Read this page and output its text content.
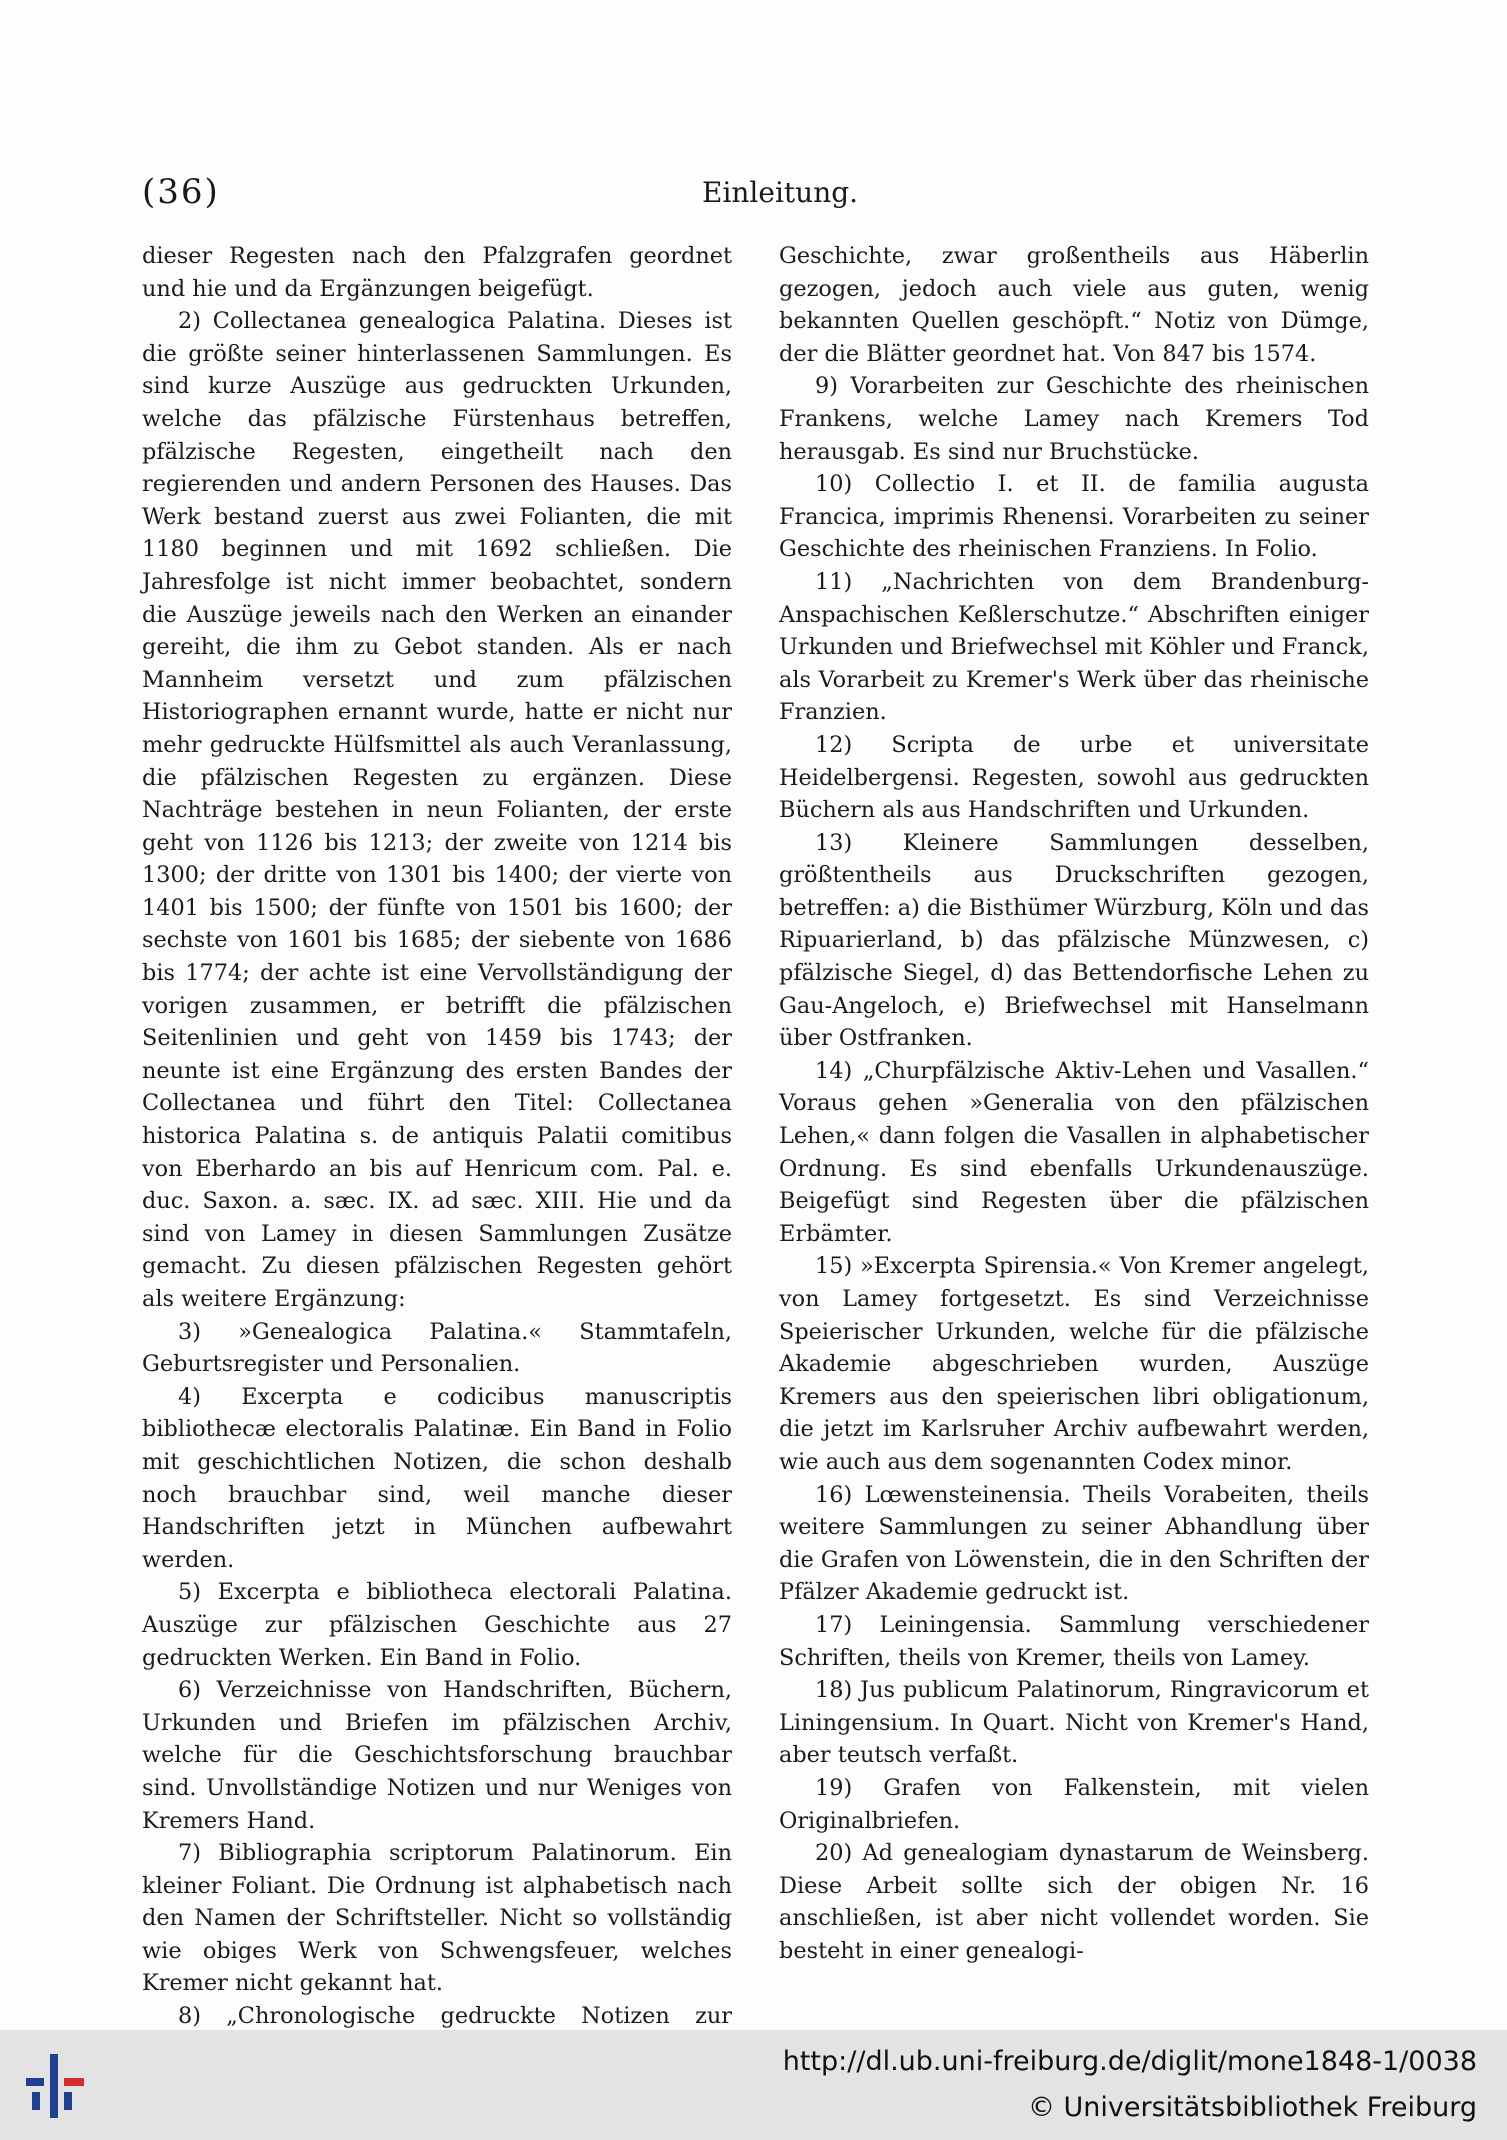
(36)	Einleitung.

dieser Regesten nach den Pfalzgrafen geordnet und hie und da Ergänzungen beigefügt.

2) Collectanea genealogica Palatina. Dieses ist die größte seiner hinterlassenen Sammlungen. Es sind kurze Auszüge aus gedruckten Urkunden, welche das pfälzische Fürstenhaus betreffen, pfälzische Regesten, eingetheilt nach den regierenden und andern Personen des Hauses. Das Werk bestand zuerst aus zwei Folianten, die mit 1180 beginnen und mit 1692 schließen. Die Jahresfolge ist nicht immer beobachtet, sondern die Auszüge jeweils nach den Werken an einander gereiht, die ihm zu Gebot standen. Als er nach Mannheim versetzt und zum pfälzischen Historiographen ernannt wurde, hatte er nicht nur mehr gedruckte Hülfsmittel als auch Veranlassung, die pfälzischen Regesten zu ergänzen. Diese Nachträge bestehen in neun Folianten, der erste geht von 1126 bis 1213; der zweite von 1214 bis 1300; der dritte von 1301 bis 1400; der vierte von 1401 bis 1500; der fünfte von 1501 bis 1600; der sechste von 1601 bis 1685; der siebente von 1686 bis 1774; der achte ist eine Vervollständigung der vorigen zusammen, er betrifft die pfälzischen Seitenlinien und geht von 1459 bis 1743; der neunte ist eine Ergänzung des ersten Bandes der Collectanea und führt den Titel: Collectanea historica Palatina s. de antiquis Palatii comitibus von Eberhardo an bis auf Henricum com. Pal. e. duc. Saxon. a. sæc. IX. ad sæc. XIII. Hie und da sind von Lamey in diesen Sammlungen Zusätze gemacht. Zu diesen pfälzischen Regesten gehört als weitere Ergänzung:

3) »Genealogica Palatina.« Stammtafeln, Geburtsregister und Personalien.

4) Excerpta e codicibus manuscriptis bibliothecæ electoralis Palatinæ. Ein Band in Folio mit geschichtlichen Notizen, die schon deshalb noch brauchbar sind, weil manche dieser Handschriften jetzt in München aufbewahrt werden.

5) Excerpta e bibliotheca electorali Palatina. Auszüge zur pfälzischen Geschichte aus 27 gedruckten Werken. Ein Band in Folio.

6) Verzeichnisse von Handschriften, Büchern, Urkunden und Briefen im pfälzischen Archiv, welche für die Geschichtsforschung brauchbar sind. Unvollständige Notizen und nur Weniges von Kremers Hand.

7) Bibliographia scriptorum Palatinorum. Ein kleiner Foliant. Die Ordnung ist alphabetisch nach den Namen der Schriftsteller. Nicht so vollständig wie obiges Werk von Schwengsfeuer, welches Kremer nicht gekannt hat.

8) „Chronologische gedruckte Notizen zur

Geschichte, zwar großentheils aus Häberlin gezogen, jedoch auch viele aus guten, wenig bekannten Quellen geschöpft.“ Notiz von Dümge, der die Blätter geordnet hat. Von 847 bis 1574.

9) Vorarbeiten zur Geschichte des rheinischen Frankens, welche Lamey nach Kremers Tod herausgab. Es sind nur Bruchstücke.

10) Collectio I. et II. de familia augusta Francica, imprimis Rhenensi. Vorarbeiten zu seiner Geschichte des rheinischen Franziens. In Folio.

11) „Nachrichten von dem Brandenburg-Anspachischen Keßlerschutze.“ Abschriften einiger Urkunden und Briefwechsel mit Köhler und Franck, als Vorarbeit zu Kremer's Werk über das rheinische Franzien.

12) Scripta de urbe et universitate Heidelbergensi. Regesten, sowohl aus gedruckten Büchern als aus Handschriften und Urkunden.

13) Kleinere Sammlungen desselben, größtentheils aus Druckschriften gezogen, betreffen: a) die Bisthümer Würzburg, Köln und das Ripuarierland, b) das pfälzische Münzwesen, c) pfälzische Siegel, d) das Bettendorfische Lehen zu Gau-Angeloch, e) Briefwechsel mit Hanselmann über Ostfranken.

14) „Churpfälzische Aktiv-Lehen und Vasallen.“ Voraus gehen »Generalia von den pfälzischen Lehen,« dann folgen die Vasallen in alphabetischer Ordnung. Es sind ebenfalls Urkundenauszüge. Beigefügt sind Regesten über die pfälzischen Erbämter.

15) »Excerpta Spirensia.« Von Kremer angelegt, von Lamey fortgesetzt. Es sind Verzeichnisse Speierischer Urkunden, welche für die pfälzische Akademie abgeschrieben wurden, Auszüge Kremers aus den speierischen libri obligationum, die jetzt im Karlsruher Archiv aufbewahrt werden, wie auch aus dem sogenannten Codex minor.

16) Lœwensteinensia. Theils Vorabeiten, theils weitere Sammlungen zu seiner Abhandlung über die Grafen von Löwenstein, die in den Schriften der Pfälzer Akademie gedruckt ist.

17) Leiningensia. Sammlung verschiedener Schriften, theils von Kremer, theils von Lamey.

18) Jus publicum Palatinorum, Ringravicorum et Liningensium. In Quart. Nicht von Kremer's Hand, aber teutsch verfaßt.

19) Grafen von Falkenstein, mit vielen Originalbriefen.

20) Ad genealogiam dynastarum de Weinsberg. Diese Arbeit sollte sich der obigen Nr. 16 anschließen, ist aber nicht vollendet worden. Sie besteht in einer genealogi-

http://dl.ub.uni-freiburg.de/diglit/mone1848-1/0038
© Universitätsbibliothek Freiburg
